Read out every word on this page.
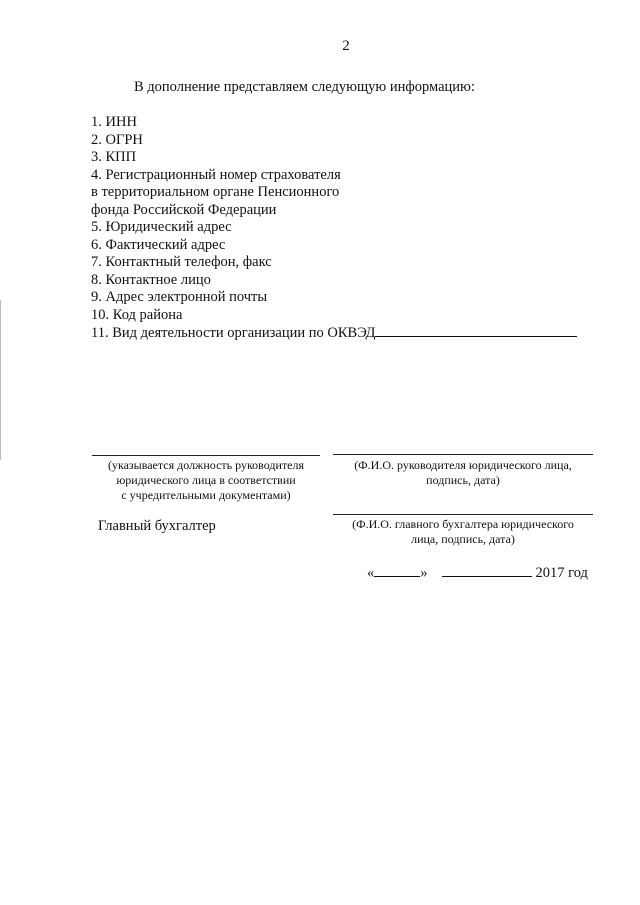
2
В дополнение представляем следующую информацию:
1. ИНН
2. ОГРН
3. КПП
4. Регистрационный номер страхователя
в территориальном органе Пенсионного
фонда Российской Федерации
5. Юридический адрес
6. Фактический адрес
7. Контактный телефон, факс
8. Контактное лицо
9. Адрес электронной почты
10. Код района
11. Вид деятельности организации по ОКВЭД
(указывается должность руководителя
юридического лица в соответствии
с учредительными документами)
(Ф.И.О. руководителя юридического лица,
подпись, дата)
Главный бухгалтер	(Ф.И.О. главного бухгалтера юридического
лица, подпись, дата)
«	»	2017 год
